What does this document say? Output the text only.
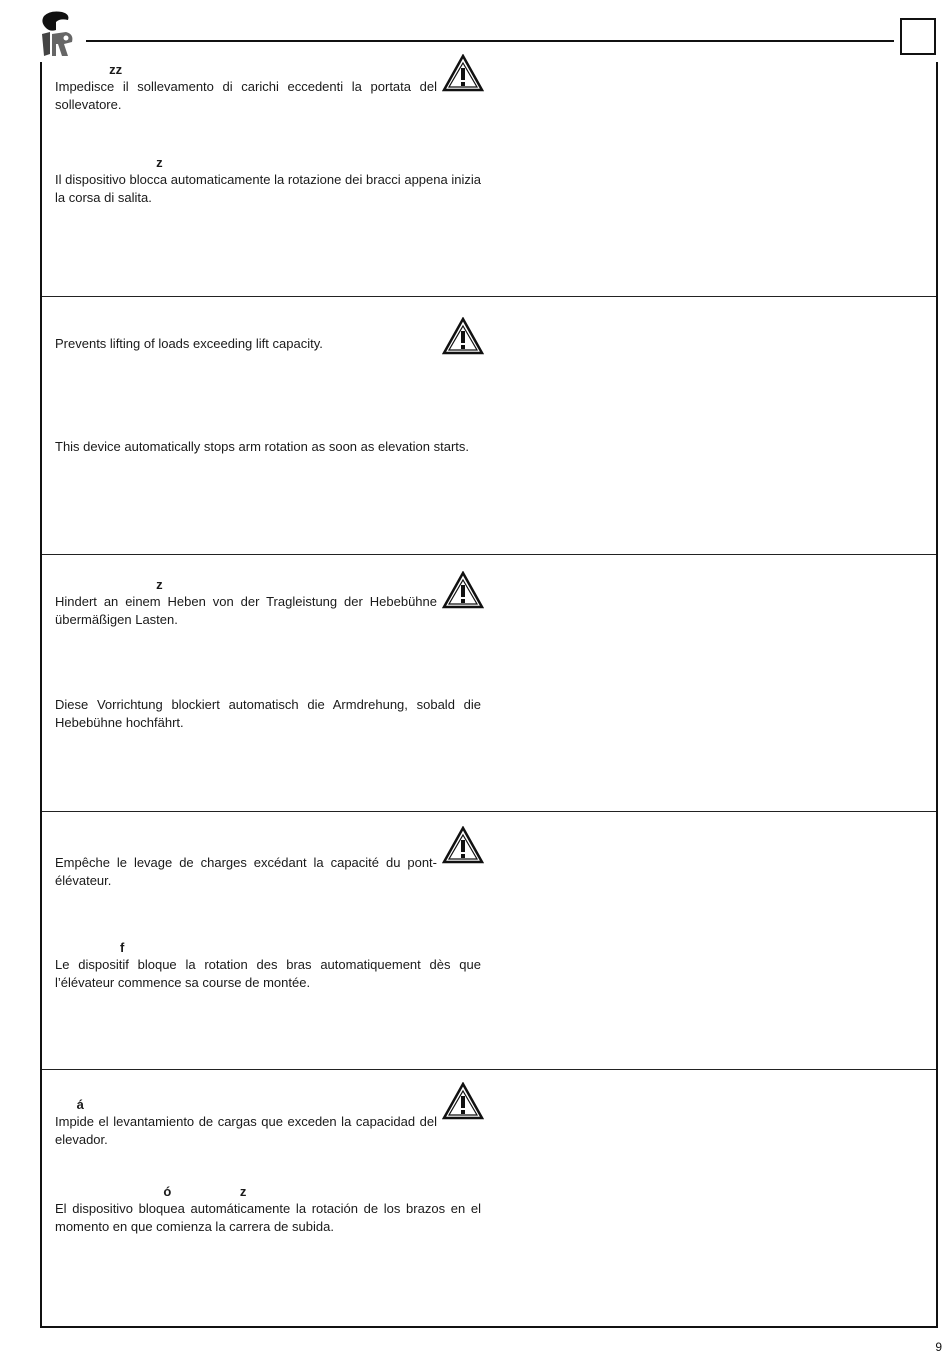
zz

Impedisce il sollevamento di carichi eccedenti la portata del sollevatore.

z

Il dispositivo blocca automaticamente la rotazione dei bracci appena inizia la corsa di salita.

Prevents lifting of loads exceeding lift capacity.

This device automatically stops arm rotation as soon as elevation starts.

z

Hindert an einem Heben von der Tragleistung der Hebebühne übermäßigen Lasten.

Diese Vorrichtung blockiert automatisch die Armdrehung, sobald die Hebebühne hochfährt.

Empêche le levage de charges excédant la capacité du pont-élévateur.

f

Le dispositif bloque la rotation des bras automatiquement dès que l’élévateur commence sa course de montée.

á

Impide el levantamiento de cargas que exceden la capacidad del elevador.

ó                   z

El dispositivo bloquea automáticamente la rotación de los brazos en el momento en que comienza la carrera de subida.

9
